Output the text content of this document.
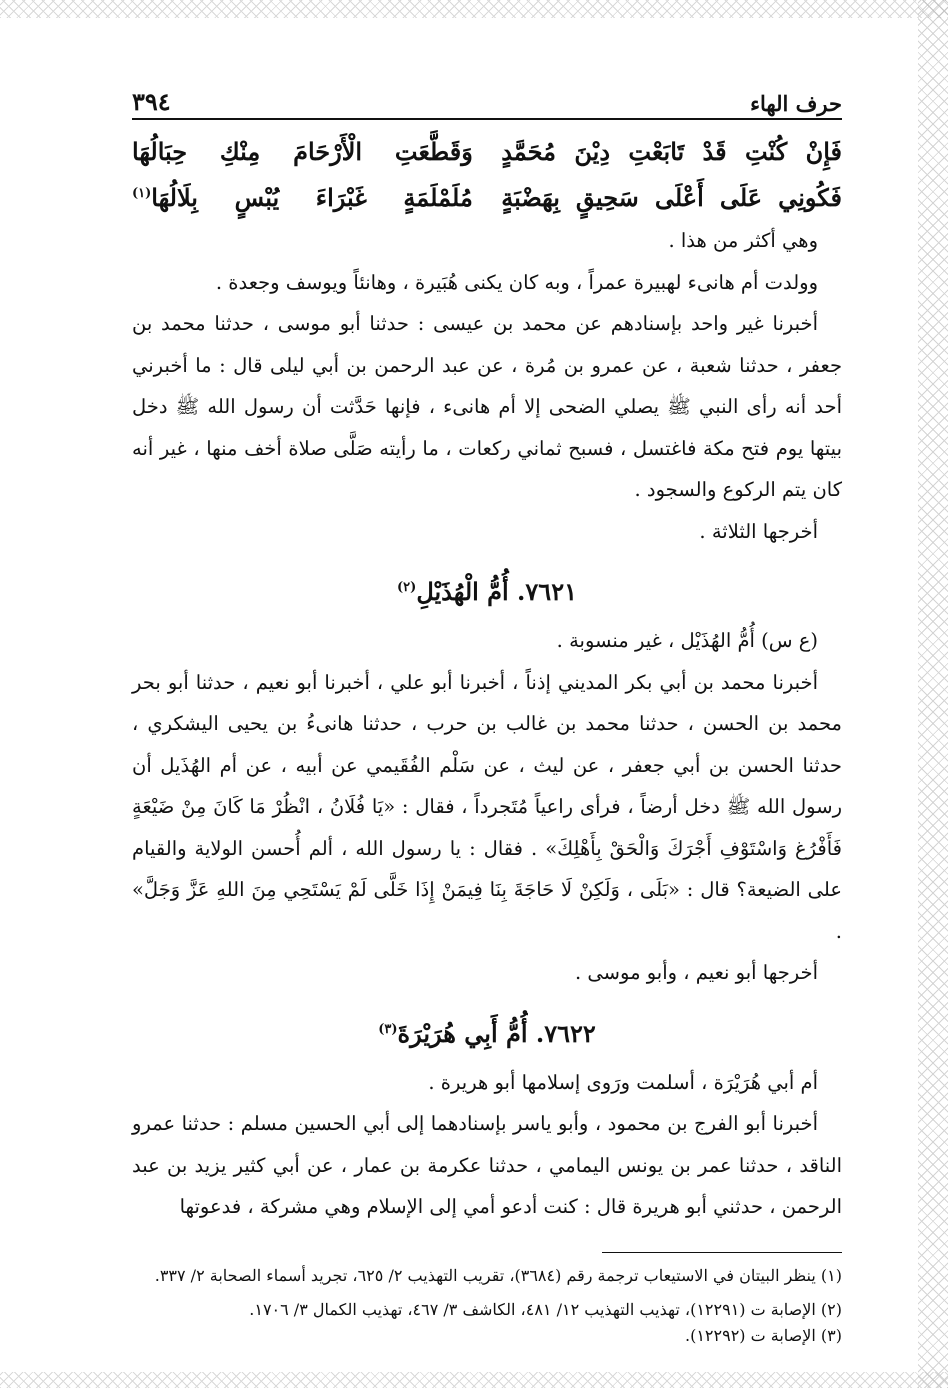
حرف الهاء
٣٩٤
فَإِنْ كُنْتِ قَدْ تَابَعْتِ دِيْنَ مُحَمَّدٍ
وَقَطَّعَتِ الْأَرْحَامَ مِنْكِ حِبَالُهَا
فَكُونِي عَلَى أَعْلَى سَحِيقٍ بِهَضْبَةٍ
مُلَمْلَمَةٍ غَبْرَاءَ يُبْسٍ بِلَالُهَا$^{(١)}$

وهي أكثر من هذا .

وولدت أم هانىء لهبيرة عمراً ، وبه كان يكنى هُبَيرة ، وهانئاً ويوسف وجعدة .

أخبرنا غير واحد بإسنادهم عن محمد بن عيسى : حدثنا أبو موسى ، حدثنا محمد بن جعفر ، حدثنا شعبة ، عن عمرو بن مُرة ، عن عبد الرحمن بن أبي ليلى قال : ما أخبرني أحد أنه رأى النبي ﷺ يصلي الضحى إلا أم هانىء ، فإنها حَدَّثت أن رسول الله ﷺ دخل بيتها يوم فتح مكة فاغتسل ، فسبح ثماني ركعات ، ما رأيته صَلَّى صلاة أخف منها ، غير أنه كان يتم الركوع والسجود .

أخرجها الثلاثة .

٧٦٢١. أُمُّ الْهُذَيْلِ$^{(٢)}$

(ع س) أُمُّ الهُذَيْل ، غير منسوبة .

أخبرنا محمد بن أبي بكر المديني إذناً ، أخبرنا أبو علي ، أخبرنا أبو نعيم ، حدثنا أبو بحر محمد بن الحسن ، حدثنا محمد بن غالب بن حرب ، حدثنا هانىءُ بن يحيى اليشكري ، حدثنا الحسن بن أبي جعفر ، عن ليث ، عن سَلْم الفُقَيمي عن أبيه ، عن أم الهُذَيل أن رسول الله ﷺ دخل أرضاً ، فرأى راعياً مُتَجرداً ، فقال : «يَا فُلَانُ ، انْظُرْ مَا كَانَ مِنْ ضَيْعَةٍ فَأَفْرُغ وَاسْتَوْفِ أَجْرَكَ وَالْحَقْ بِأَهْلِكَ» . فقال : يا رسول الله ، ألم أُحسن الولاية والقيام على الضيعة؟ قال : «بَلَى ، وَلَكِنْ لَا حَاجَةَ بِنَا فِيمَنْ إِذَا خَلَّى لَمْ يَسْتَحِي مِنَ اللهِ عَزَّ وَجَلَّ» .

أخرجها أبو نعيم ، وأبو موسى .

٧٦٢٢. أُمُّ أَبِي هُرَيْرَةَ$^{(٣)}$

أم أبي هُرَيْرَة ، أسلمت ورَوى إسلامها أبو هريرة .

أخبرنا أبو الفرج بن محمود ، وأبو ياسر بإسنادهما إلى أبي الحسين مسلم : حدثنا عمرو الناقد ، حدثنا عمر بن يونس اليمامي ، حدثنا عكرمة بن عمار ، عن أبي كثير يزيد بن عبد الرحمن ، حدثني أبو هريرة قال : كنت أدعو أمي إلى الإسلام وهي مشركة ، فدعوتها

(١) ينظر البيتان في الاستيعاب ترجمة رقم (٣٦٨٤)، تقريب التهذيب ٢/ ٦٢٥، تجريد أسماء الصحابة ٢/ ٣٣٧.

(٢) الإصابة ت (١٢٢٩١)، تهذيب التهذيب ١٢/ ٤٨١، الكاشف ٣/ ٤٦٧، تهذيب الكمال ٣/ ١٧٠٦.

(٣) الإصابة ت (١٢٢٩٢).
